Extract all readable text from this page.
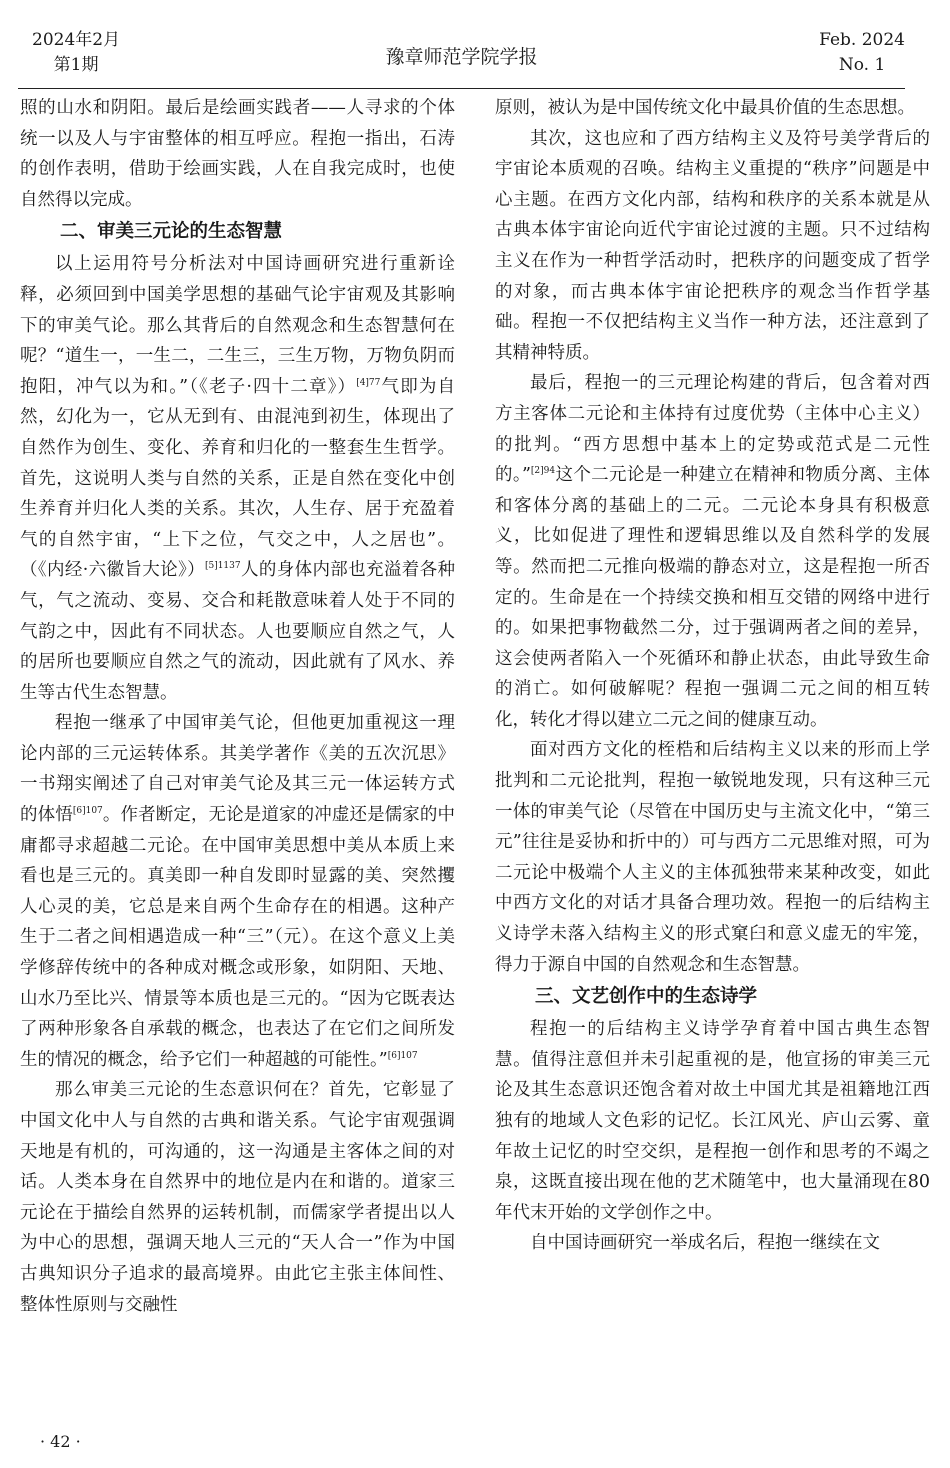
2024年2月
第1期	豫章师范学院学报
Feb. 2024
No. 1

照的山水和阴阳。最后是绘画实践者——人寻求的个体统一以及人与宇宙整体的相互呼应。程抱一指出，石涛的创作表明，借助于绘画实践，人在自我完成时，也使自然得以完成。

二、审美三元论的生态智慧

以上运用符号分析法对中国诗画研究进行重新诠释，必须回到中国美学思想的基础气论宇宙观及其影响下的审美气论。那么其背后的自然观念和生态智慧何在呢？“道生一，一生二，二生三，三生万物，万物负阴而抱阳，冲气以为和。”（《老子·四十二章》）$^{[4]77}$气即为自然，幻化为一，它从无到有、由混沌到初生，体现出了自然作为创生、变化、养育和归化的一整套生生哲学。首先，这说明人类与自然的关系，正是自然在变化中创生养育并归化人类的关系。其次，人生存、居于充盈着气的自然宇宙，“上下之位，气交之中，人之居也”。（《内经·六徽旨大论》）$^{[5]1137}$人的身体内部也充溢着各种气，气之流动、变易、交合和耗散意味着人处于不同的气韵之中，因此有不同状态。人也要顺应自然之气，人的居所也要顺应自然之气的流动，因此就有了风水、养生等古代生态智慧。

程抱一继承了中国审美气论，但他更加重视这一理论内部的三元运转体系。其美学著作《美的五次沉思》一书翔实阐述了自己对审美气论及其三元一体运转方式的体悟$^{[6]107}$。作者断定，无论是道家的冲虚还是儒家的中庸都寻求超越二元论。在中国审美思想中美从本质上来看也是三元的。真美即一种自发即时显露的美、突然攫人心灵的美，它总是来自两个生命存在的相遇。这种产生于二者之间相遇造成一种“三”（元）。在这个意义上美学修辞传统中的各种成对概念或形象，如阴阳、天地、山水乃至比兴、情景等本质也是三元的。“因为它既表达了两种形象各自承载的概念，也表达了在它们之间所发生的情况的概念，给予它们一种超越的可能性。”$^{[6]107}$

那么审美三元论的生态意识何在？首先，它彰显了中国文化中人与自然的古典和谐关系。气论宇宙观强调天地是有机的，可沟通的，这一沟通是主客体之间的对话。人类本身在自然界中的地位是内在和谐的。道家三元论在于描绘自然界的运转机制，而儒家学者提出以人为中心的思想，强调天地人三元的“天人合一”作为中国古典知识分子追求的最高境界。由此它主张主体间性、整体性原则与交融性

原则，被认为是中国传统文化中最具价值的生态思想。

其次，这也应和了西方结构主义及符号美学背后的宇宙论本质观的召唤。结构主义重提的“秩序”问题是中心主题。在西方文化内部，结构和秩序的关系本就是从古典本体宇宙论向近代宇宙论过渡的主题。只不过结构主义在作为一种哲学活动时，把秩序的问题变成了哲学的对象，而古典本体宇宙论把秩序的观念当作哲学基础。程抱一不仅把结构主义当作一种方法，还注意到了其精神特质。

最后，程抱一的三元理论构建的背后，包含着对西方主客体二元论和主体持有过度优势（主体中心主义）的批判。“西方思想中基本上的定势或范式是二元性的。”$^{[2]94}$这个二元论是一种建立在精神和物质分离、主体和客体分离的基础上的二元。二元论本身具有积极意义，比如促进了理性和逻辑思维以及自然科学的发展等。然而把二元推向极端的静态对立，这是程抱一所否定的。生命是在一个持续交换和相互交错的网络中进行的。如果把事物截然二分，过于强调两者之间的差异，这会使两者陷入一个死循环和静止状态，由此导致生命的消亡。如何破解呢？程抱一强调二元之间的相互转化，转化才得以建立二元之间的健康互动。

面对西方文化的桎梏和后结构主义以来的形而上学批判和二元论批判，程抱一敏锐地发现，只有这种三元一体的审美气论（尽管在中国历史与主流文化中，“第三元”往往是妥协和折中的）可与西方二元思维对照，可为二元论中极端个人主义的主体孤独带来某种改变，如此中西方文化的对话才具备合理功效。程抱一的后结构主义诗学未落入结构主义的形式窠臼和意义虚无的牢笼，得力于源自中国的自然观念和生态智慧。

三、文艺创作中的生态诗学

程抱一的后结构主义诗学孕育着中国古典生态智慧。值得注意但并未引起重视的是，他宣扬的审美三元论及其生态意识还饱含着对故土中国尤其是祖籍地江西独有的地域人文色彩的记忆。长江风光、庐山云雾、童年故土记忆的时空交织，是程抱一创作和思考的不竭之泉，这既直接出现在他的艺术随笔中，也大量涌现在80年代末开始的文学创作之中。

自中国诗画研究一举成名后，程抱一继续在文

· 42 ·
